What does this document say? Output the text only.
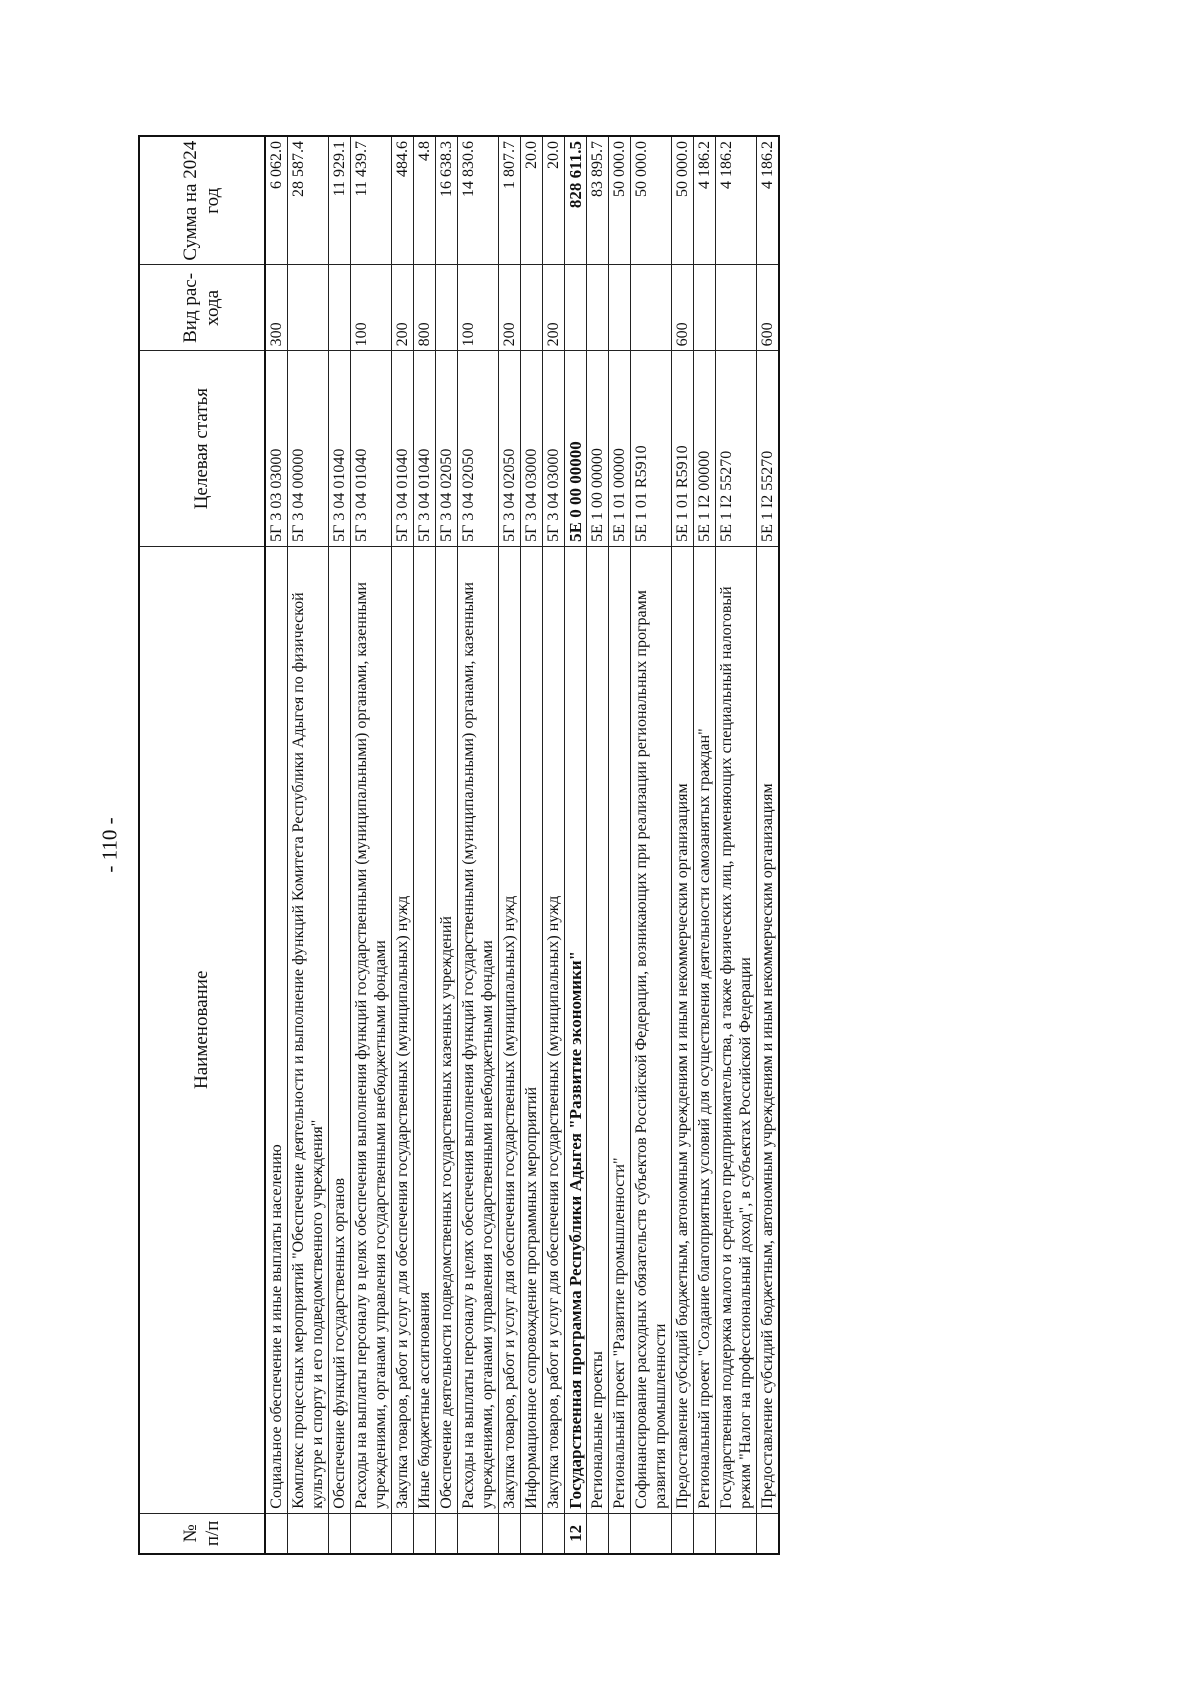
- 110 -
№ п/п	Наименование	Целевая статья	Вид рас-хода	Сумма на 2024 год
	Социальное обеспечение и иные выплаты населению	5Г 3 03 03000	300	6 062.0
	Комплекс процессных мероприятий "Обеспечение деятельности и выполнение функций Комитета Республики Адыгея по физической культуре и спорту и его подведомственного учреждения"	5Г 3 04 00000		28 587.4
	Обеспечение функций государственных органов	5Г 3 04 01040		11 929.1
	Расходы на выплаты персоналу в целях обеспечения выполнения функций государственными (муниципальными) органами, казенными учреждениями, органами управления государственными внебюджетными фондами	5Г 3 04 01040	100	11 439.7
	Закупка товаров, работ и услуг для обеспечения государственных (муниципальных) нужд	5Г 3 04 01040	200	484.6
	Иные бюджетные ассигнования	5Г 3 04 01040	800	4.8
	Обеспечение деятельности подведомственных государственных казенных учреждений	5Г 3 04 02050		16 638.3
	Расходы на выплаты персоналу в целях обеспечения выполнения функций государственными (муниципальными) органами, казенными учреждениями, органами управления государственными внебюджетными фондами	5Г 3 04 02050	100	14 830.6
	Закупка товаров, работ и услуг для обеспечения государственных (муниципальных) нужд	5Г 3 04 02050	200	1 807.7
	Информационное сопровождение программных мероприятий	5Г 3 04 03000		20.0
	Закупка товаров, работ и услуг для обеспечения государственных (муниципальных) нужд	5Г 3 04 03000	200	20.0
12	Государственная программа Республики Адыгея "Развитие экономики"	5Е 0 00 00000		828 611.5
	Региональные проекты	5Е 1 00 00000		83 895.7
	Региональный проект "Развитие промышленности"	5Е 1 01 00000		50 000.0
	Софинансирование расходных обязательств субъектов Российской Федерации, возникающих при реализации региональных программ развития промышленности	5Е 1 01 R5910		50 000.0
	Предоставление субсидий бюджетным, автономным учреждениям и иным некоммерческим организациям	5Е 1 01 R5910	600	50 000.0
	Региональный проект "Создание благоприятных условий для осуществления деятельности самозанятых граждан"	5Е 1 I2 00000		4 186.2
	Государственная поддержка малого и среднего предпринимательства, а также физических лиц, применяющих специальный налоговый режим "Налог на профессиональный доход", в субъектах Российской Федерации	5Е 1 I2 55270		4 186.2
	Предоставление субсидий бюджетным, автономным учреждениям и иным некоммерческим организациям	5Е 1 I2 55270	600	4 186.2
